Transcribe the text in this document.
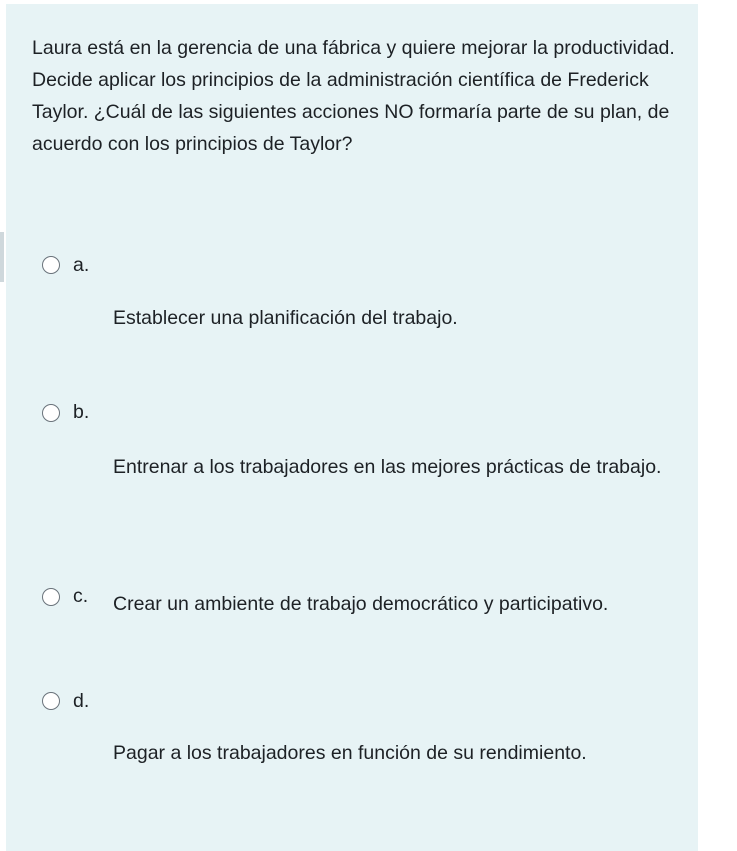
Laura está en la gerencia de una fábrica y quiere mejorar la productividad. Decide aplicar los principios de la administración científica de Frederick Taylor. ¿Cuál de las siguientes acciones NO formaría parte de su plan, de acuerdo con los principios de Taylor?

a.
Establecer una planificación del trabajo.
b.
Entrenar a los trabajadores en las mejores prácticas de trabajo.
c. Crear un ambiente de trabajo democrático y participativo.
d.
Pagar a los trabajadores en función de su rendimiento.
